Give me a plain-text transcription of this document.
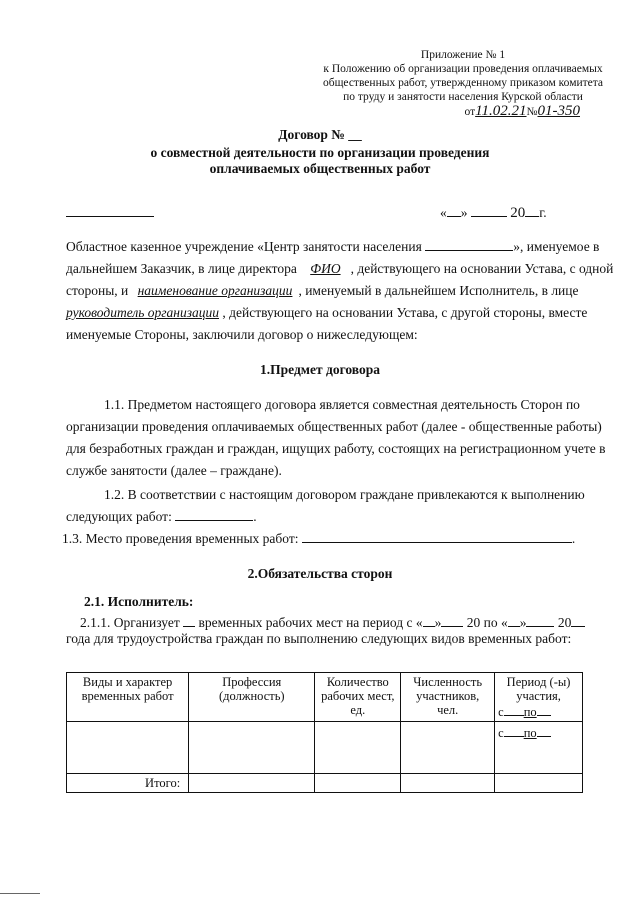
Приложение № 1
к Положению об организации проведения оплачиваемых
общественных работ, утвержденному приказом комитета
по труду и занятости населения Курской области
от11.02.21№01-350
Договор № __
о совместной деятельности по организации проведения
оплачиваемых общественных работ
« »	20 г.
Областное казенное учреждение «Центр занятости населения	», именуемое в
дальнейшем Заказчик, в лице директора ФИО , действующего на основании Устава, с одной
стороны, и наименование организации , именуемый в дальнейшем Исполнитель, в лице
руководитель организации , действующего на основании Устава, с другой стороны, вместе
именуемые Стороны, заключили договор о нижеследующем:
1.Предмет договора
1.1. Предметом настоящего договора является совместная деятельность Сторон по
организации проведения оплачиваемых общественных работ (далее - общественные работы)
для безработных граждан и граждан, ищущих работу, состоящих на регистрационном учете в
службе занятости (далее – граждане).
1.2. В соответствии с настоящим договором граждане привлекаются к выполнению
следующих работ:	.
1.3. Место проведения временных работ:	.
2.Обязательства сторон
2.1. Исполнитель:
2.1.1. Организует временных рабочих мест на период с « » 20 по « » 20
года для трудоустройства граждан по выполнению следующих видов временных работ:
Виды и характер временных работ	Профессия (должность)	Количество рабочих мест, ед.	Численность участников, чел.	Период (-ы) участия,
с по

				с по

Итого:				
